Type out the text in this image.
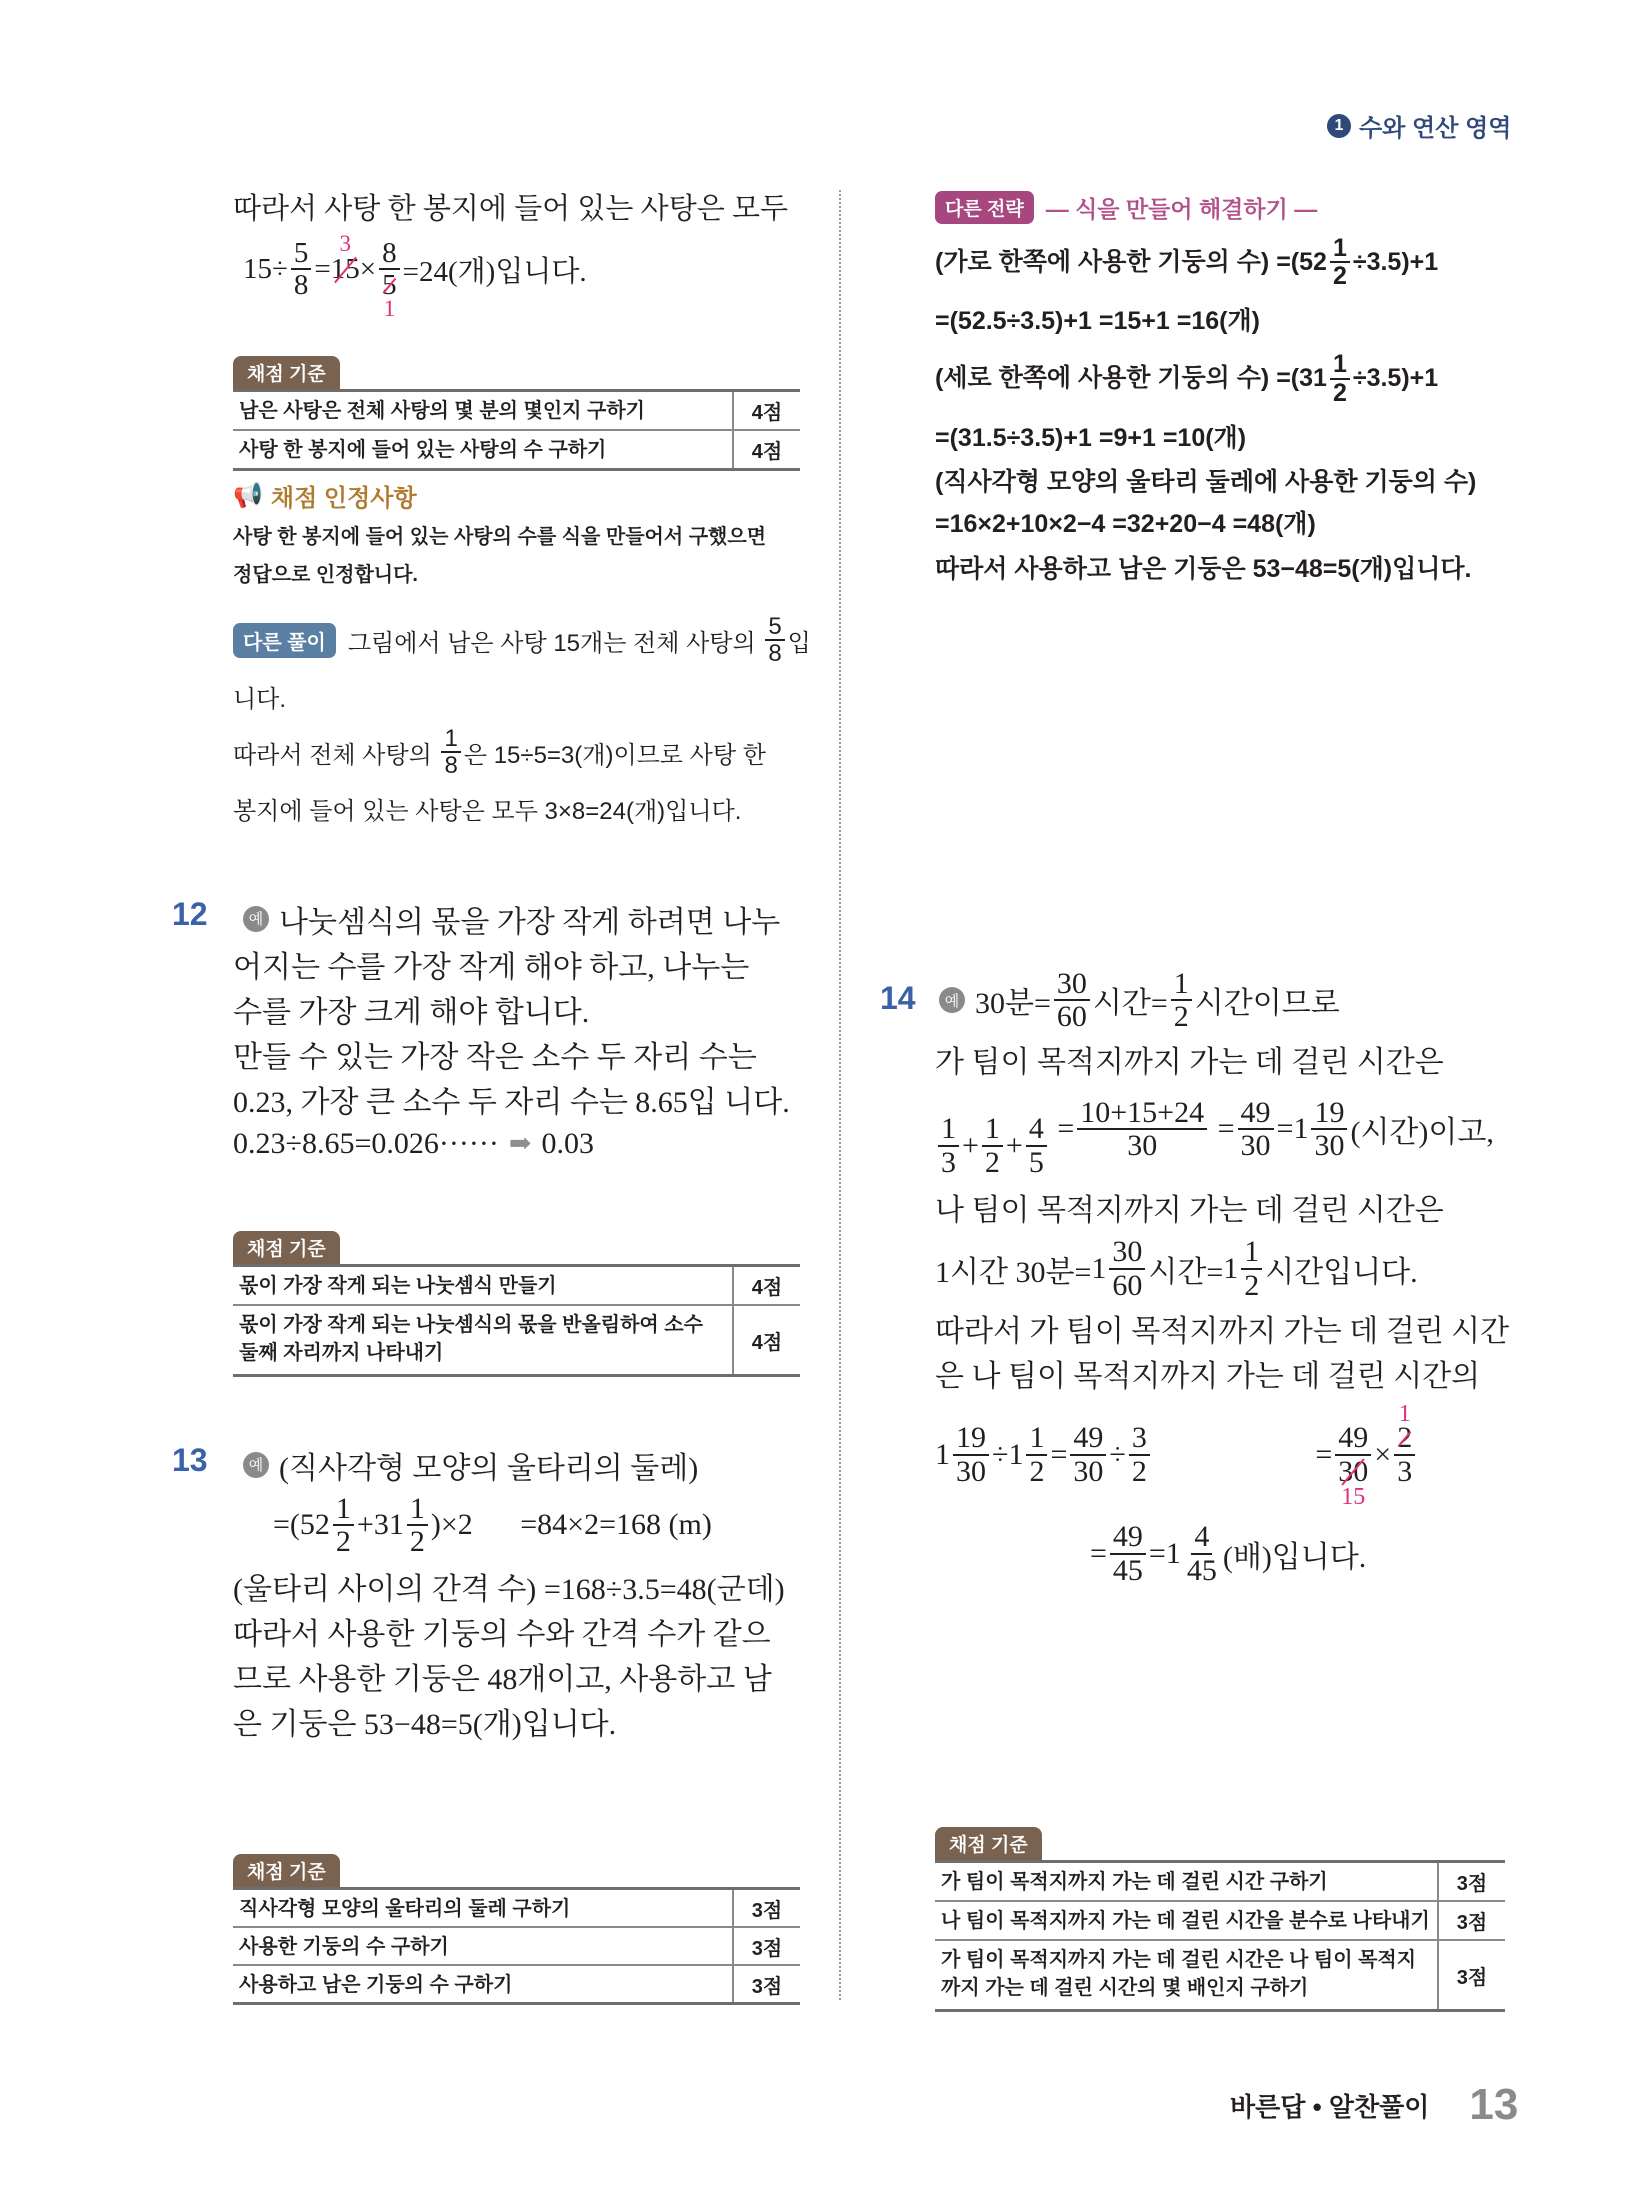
1 수와 연산 영역
따라서 사탕 한 봉지에 들어 있는 사탕은 모두
$15\div \frac{5}{8} = 15$
3
× 8
5
1 =24(개)입니다.
채점 기준
남은 사탕은 전체 사탕의 몇 분의 몇인지 구하기	4점
사탕 한 봉지에 들어 있는 사탕의 수 구하기	4점
📢 채점 인정사항
사탕 한 봉지에 들어 있는 사탕의 수를 식을 만들어서 구했으면
정답으로 인정합니다.
다른 풀이 그림에서 남은 사탕 15개는 전체 사탕의 $\frac{5}{8}$ 입
니다.

따라서 전체 사탕의 $\frac{1}{8}$ 은 15÷5=3(개)이므로 사탕 한

봉지에 들어 있는 사탕은 모두 3×8=24(개)입니다.
12	예 나눗셈식의 몫을 가장 작게 하려면 나누
어지는 수를 가장 작게 해야 하고, 나누는

수를 가장 크게 해야 합니다.

만들 수 있는 가장 작은 소수 두 자리 수는

0.23, 가장 큰 소수 두 자리 수는 8.65입
니다.

0.23÷8.65=0.026······ ➡ 0.03
채점 기준
몫이 가장 작게 되는 나눗셈식 만들기	4점
몫이 가장 작게 되는 나눗셈식의 몫을 반올림하여 소수
둘째 자리까지 나타내기	4점
13	예 (직사각형 모양의 울타리의 둘레)
=( $52 \frac{1}{2} + 31 \frac{1}{2} )\times 2$
=84×2=168 (m)

(울타리 사이의 간격 수)
=168÷3.5=48(군데)

따라서 사용한 기둥의 수와 간격 수가 같으

므로 사용한 기둥은 48개이고, 사용하고 남

은 기둥은 53−48=5(개)입니다.
채점 기준
직사각형 모양의 울타리의 둘레 구하기	3점
사용한 기둥의 수 구하기	3점
사용하고 남은 기둥의 수 구하기	3점
다른 전략 — 식을 만들어 해결하기 —
(가로 한쪽에 사용한 기둥의 수)
=( $52 \frac{1}{2} \div 3.5)+1$

=(52.5÷3.5)+1
=15+1
=16(개)

(세로 한쪽에 사용한 기둥의 수)
=( $31 \frac{1}{2} \div 3.5)+1$

=(31.5÷3.5)+1
=9+1
=10(개)

(직사각형 모양의 울타리 둘레에 사용한 기둥의 수)

=16×2+10×2−4
=32+20−4
=48(개)

따라서 사용하고 남은 기둥은 53−48=5(개)입니다.
14	예 30분= $\frac{30}{60}$ 시간= $\frac{1}{2}$ 시간이므로
가 팀이 목적지까지 가는 데 걸린 시간은

$\frac{1}{3} + \frac{1}{2} + \frac{4}{5}$
= $\frac{10+15+24}{30}$
= $\frac{49}{30} = 1 \frac{19}{30}$ (시간)이고,

나 팀이 목적지까지 가는 데 걸린 시간은

1시간 30분= $1 \frac{30}{60}$ 시간= $1 \frac{1}{2}$ 시간입니다.

따라서 가 팀이 목적지까지 가는 데 걸린 시간

은 나 팀이 목적지까지 가는 데 걸린 시간의

$1 \frac{19}{30} \div 1 \frac{1}{2} = \frac{49}{30} \div \frac{3}{2}$
	= 49
30
15 × 2
1
3

= $\frac{49}{45} = 1 \frac{4}{45}$ (배)입니다.
채점 기준
가 팀이 목적지까지 가는 데 걸린 시간 구하기	3점
나 팀이 목적지까지 가는 데 걸린 시간을 분수로 나타내기	3점
가 팀이 목적지까지 가는 데 걸린 시간은 나 팀이 목적지
까지 가는 데 걸린 시간의 몇 배인지 구하기	3점
바른답 • 알찬풀이 13
